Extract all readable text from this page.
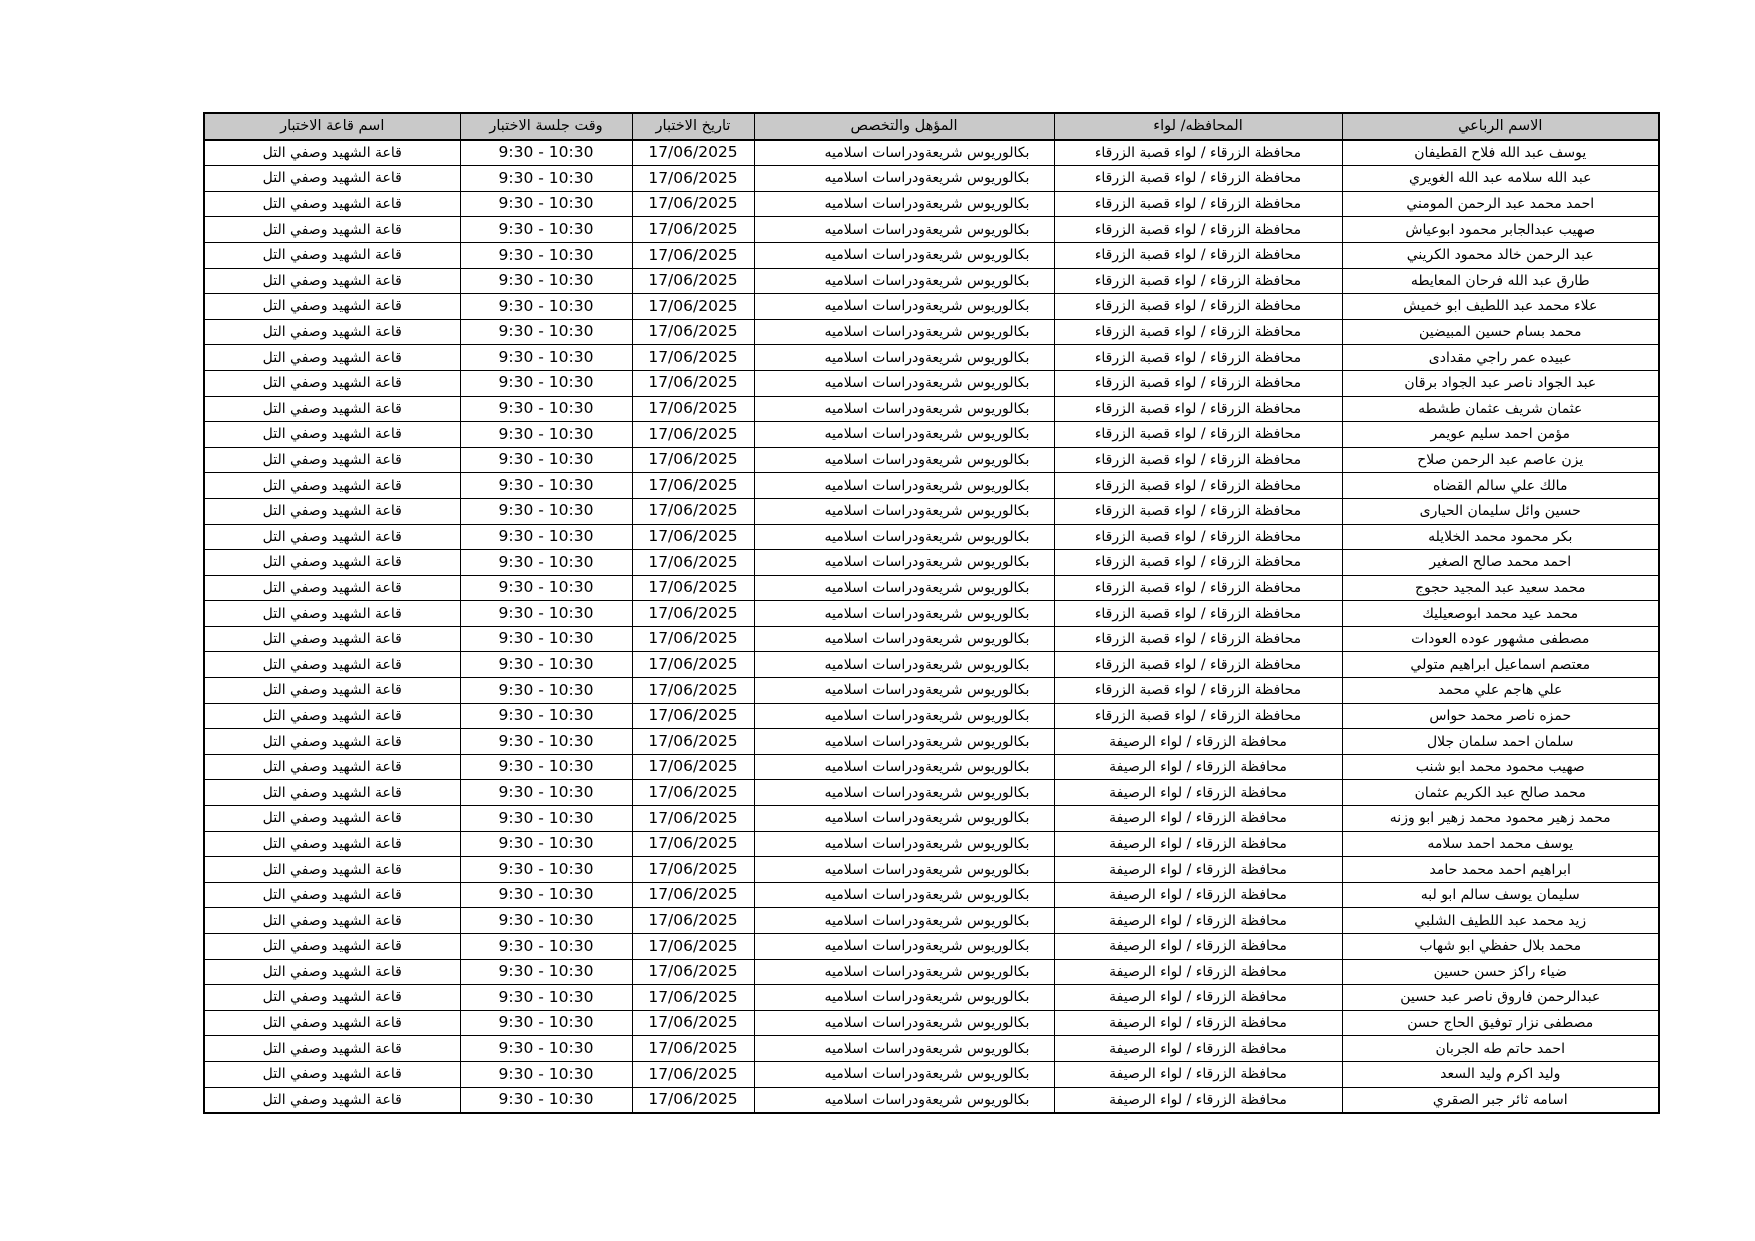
الاسم الرباعي	المحافظه/ لواء	المؤهل والتخصص	تاريخ الاختبار	وقت جلسة الاختبار	اسم قاعة الاختبار
يوسف عبد الله فلاح القطيفان	محافظة الزرقاء / لواء قصبة الزرقاء	بكالوريوس شريعةودراسات اسلاميه	17/06/2025	9:30 - 10:30	قاعة الشهيد وصفي التل
عبد الله سلامه عبد الله الغويري	محافظة الزرقاء / لواء قصبة الزرقاء	بكالوريوس شريعةودراسات اسلاميه	17/06/2025	9:30 - 10:30	قاعة الشهيد وصفي التل
احمد محمد عبد الرحمن المومني	محافظة الزرقاء / لواء قصبة الزرقاء	بكالوريوس شريعةودراسات اسلاميه	17/06/2025	9:30 - 10:30	قاعة الشهيد وصفي التل
صهيب عبدالجابر محمود ابوعياش	محافظة الزرقاء / لواء قصبة الزرقاء	بكالوريوس شريعةودراسات اسلاميه	17/06/2025	9:30 - 10:30	قاعة الشهيد وصفي التل
عبد الرحمن خالد محمود الكريني	محافظة الزرقاء / لواء قصبة الزرقاء	بكالوريوس شريعةودراسات اسلاميه	17/06/2025	9:30 - 10:30	قاعة الشهيد وصفي التل
طارق عبد الله فرحان المعايطه	محافظة الزرقاء / لواء قصبة الزرقاء	بكالوريوس شريعةودراسات اسلاميه	17/06/2025	9:30 - 10:30	قاعة الشهيد وصفي التل
علاء محمد عبد اللطيف ابو خميش	محافظة الزرقاء / لواء قصبة الزرقاء	بكالوريوس شريعةودراسات اسلاميه	17/06/2025	9:30 - 10:30	قاعة الشهيد وصفي التل
محمد بسام حسين المبيضين	محافظة الزرقاء / لواء قصبة الزرقاء	بكالوريوس شريعةودراسات اسلاميه	17/06/2025	9:30 - 10:30	قاعة الشهيد وصفي التل
عبيده عمر راجي مقدادى	محافظة الزرقاء / لواء قصبة الزرقاء	بكالوريوس شريعةودراسات اسلاميه	17/06/2025	9:30 - 10:30	قاعة الشهيد وصفي التل
عبد الجواد ناصر عبد الجواد برقان	محافظة الزرقاء / لواء قصبة الزرقاء	بكالوريوس شريعةودراسات اسلاميه	17/06/2025	9:30 - 10:30	قاعة الشهيد وصفي التل
عثمان شريف عثمان طشطه	محافظة الزرقاء / لواء قصبة الزرقاء	بكالوريوس شريعةودراسات اسلاميه	17/06/2025	9:30 - 10:30	قاعة الشهيد وصفي التل
مؤمن احمد سليم عويمر	محافظة الزرقاء / لواء قصبة الزرقاء	بكالوريوس شريعةودراسات اسلاميه	17/06/2025	9:30 - 10:30	قاعة الشهيد وصفي التل
يزن عاصم عبد الرحمن صلاح	محافظة الزرقاء / لواء قصبة الزرقاء	بكالوريوس شريعةودراسات اسلاميه	17/06/2025	9:30 - 10:30	قاعة الشهيد وصفي التل
مالك علي سالم القضاه	محافظة الزرقاء / لواء قصبة الزرقاء	بكالوريوس شريعةودراسات اسلاميه	17/06/2025	9:30 - 10:30	قاعة الشهيد وصفي التل
حسين وائل سليمان الحيارى	محافظة الزرقاء / لواء قصبة الزرقاء	بكالوريوس شريعةودراسات اسلاميه	17/06/2025	9:30 - 10:30	قاعة الشهيد وصفي التل
بكر محمود محمد الخلايله	محافظة الزرقاء / لواء قصبة الزرقاء	بكالوريوس شريعةودراسات اسلاميه	17/06/2025	9:30 - 10:30	قاعة الشهيد وصفي التل
احمد محمد صالح الصغير	محافظة الزرقاء / لواء قصبة الزرقاء	بكالوريوس شريعةودراسات اسلاميه	17/06/2025	9:30 - 10:30	قاعة الشهيد وصفي التل
محمد سعيد عبد المجيد حجوج	محافظة الزرقاء / لواء قصبة الزرقاء	بكالوريوس شريعةودراسات اسلاميه	17/06/2025	9:30 - 10:30	قاعة الشهيد وصفي التل
محمد عيد محمد ابوصعيليك	محافظة الزرقاء / لواء قصبة الزرقاء	بكالوريوس شريعةودراسات اسلاميه	17/06/2025	9:30 - 10:30	قاعة الشهيد وصفي التل
مصطفى مشهور عوده العودات	محافظة الزرقاء / لواء قصبة الزرقاء	بكالوريوس شريعةودراسات اسلاميه	17/06/2025	9:30 - 10:30	قاعة الشهيد وصفي التل
معتصم اسماعيل ابراهيم متولي	محافظة الزرقاء / لواء قصبة الزرقاء	بكالوريوس شريعةودراسات اسلاميه	17/06/2025	9:30 - 10:30	قاعة الشهيد وصفي التل
علي هاجم علي محمد	محافظة الزرقاء / لواء قصبة الزرقاء	بكالوريوس شريعةودراسات اسلاميه	17/06/2025	9:30 - 10:30	قاعة الشهيد وصفي التل
حمزه ناصر محمد حواس	محافظة الزرقاء / لواء قصبة الزرقاء	بكالوريوس شريعةودراسات اسلاميه	17/06/2025	9:30 - 10:30	قاعة الشهيد وصفي التل
سلمان احمد سلمان جلال	محافظة الزرقاء / لواء الرصيفة	بكالوريوس شريعةودراسات اسلاميه	17/06/2025	9:30 - 10:30	قاعة الشهيد وصفي التل
صهيب محمود محمد ابو شنب	محافظة الزرقاء / لواء الرصيفة	بكالوريوس شريعةودراسات اسلاميه	17/06/2025	9:30 - 10:30	قاعة الشهيد وصفي التل
محمد صالح عبد الكريم عثمان	محافظة الزرقاء / لواء الرصيفة	بكالوريوس شريعةودراسات اسلاميه	17/06/2025	9:30 - 10:30	قاعة الشهيد وصفي التل
محمد زهير محمود محمد زهير ابو وزنه	محافظة الزرقاء / لواء الرصيفة	بكالوريوس شريعةودراسات اسلاميه	17/06/2025	9:30 - 10:30	قاعة الشهيد وصفي التل
يوسف محمد احمد سلامه	محافظة الزرقاء / لواء الرصيفة	بكالوريوس شريعةودراسات اسلاميه	17/06/2025	9:30 - 10:30	قاعة الشهيد وصفي التل
ابراهيم احمد محمد حامد	محافظة الزرقاء / لواء الرصيفة	بكالوريوس شريعةودراسات اسلاميه	17/06/2025	9:30 - 10:30	قاعة الشهيد وصفي التل
سليمان يوسف سالم ابو لبه	محافظة الزرقاء / لواء الرصيفة	بكالوريوس شريعةودراسات اسلاميه	17/06/2025	9:30 - 10:30	قاعة الشهيد وصفي التل
زيد محمد عبد اللطيف الشلبي	محافظة الزرقاء / لواء الرصيفة	بكالوريوس شريعةودراسات اسلاميه	17/06/2025	9:30 - 10:30	قاعة الشهيد وصفي التل
محمد بلال حفظي ابو شهاب	محافظة الزرقاء / لواء الرصيفة	بكالوريوس شريعةودراسات اسلاميه	17/06/2025	9:30 - 10:30	قاعة الشهيد وصفي التل
ضياء راكز حسن حسين	محافظة الزرقاء / لواء الرصيفة	بكالوريوس شريعةودراسات اسلاميه	17/06/2025	9:30 - 10:30	قاعة الشهيد وصفي التل
عبدالرحمن فاروق ناصر عبد حسين	محافظة الزرقاء / لواء الرصيفة	بكالوريوس شريعةودراسات اسلاميه	17/06/2025	9:30 - 10:30	قاعة الشهيد وصفي التل
مصطفى نزار توفيق الحاج حسن	محافظة الزرقاء / لواء الرصيفة	بكالوريوس شريعةودراسات اسلاميه	17/06/2025	9:30 - 10:30	قاعة الشهيد وصفي التل
احمد حاتم طه الجربان	محافظة الزرقاء / لواء الرصيفة	بكالوريوس شريعةودراسات اسلاميه	17/06/2025	9:30 - 10:30	قاعة الشهيد وصفي التل
وليد اكرم وليد السعد	محافظة الزرقاء / لواء الرصيفة	بكالوريوس شريعةودراسات اسلاميه	17/06/2025	9:30 - 10:30	قاعة الشهيد وصفي التل
اسامه ثائر جبر الصقري	محافظة الزرقاء / لواء الرصيفة	بكالوريوس شريعةودراسات اسلاميه	17/06/2025	9:30 - 10:30	قاعة الشهيد وصفي التل
